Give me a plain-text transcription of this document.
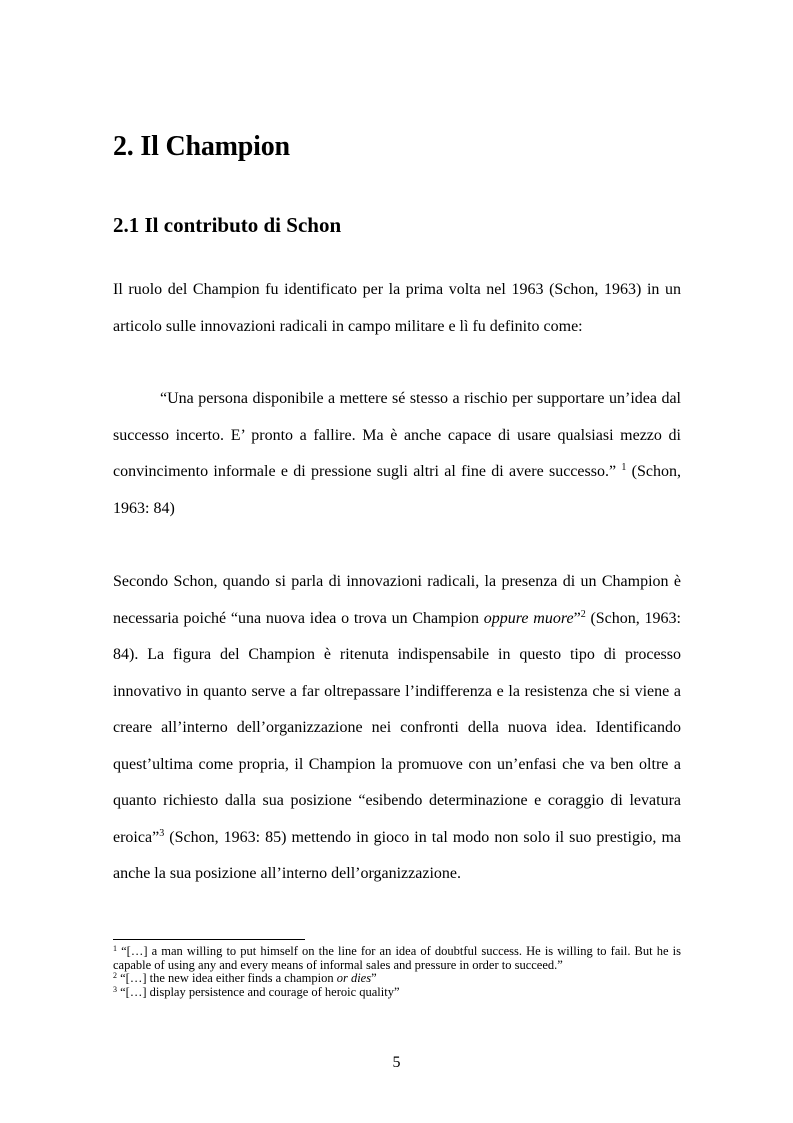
2. Il Champion
2.1 Il contributo di Schon

Il ruolo del Champion fu identificato per la prima volta nel 1963 (Schon, 1963) in un articolo sulle innovazioni radicali in campo militare e lì fu definito come:

“Una persona disponibile a mettere sé stesso a rischio per supportare un’idea dal successo incerto. E’ pronto a fallire. Ma è anche capace di usare qualsiasi mezzo di convincimento informale e di pressione sugli altri al fine di avere successo.” $^1$ (Schon, 1963: 84)

Secondo Schon, quando si parla di innovazioni radicali, la presenza di un Champion è necessaria poiché “una nuova idea o trova un Champion oppure muore”$^2$ (Schon, 1963: 84). La figura del Champion è ritenuta indispensabile in questo tipo di processo innovativo in quanto serve a far oltrepassare l’indifferenza e la resistenza che si viene a creare all’interno dell’organizzazione nei confronti della nuova idea. Identificando quest’ultima come propria, il Champion la promuove con un’enfasi che va ben oltre a quanto richiesto dalla sua posizione “esibendo determinazione e coraggio di levatura eroica”$^3$ (Schon, 1963: 85) mettendo in gioco in tal modo non solo il suo prestigio, ma anche la sua posizione all’interno dell’organizzazione.

$^1$ “[…] a man willing to put himself on the line for an idea of doubtful success. He is willing to fail. But he is capable of using any and every means of informal sales and pressure in order to succeed.”

$^2$ “[…] the new idea either finds a champion or dies”

$^3$ “[…] display persistence and courage of heroic quality”

5
